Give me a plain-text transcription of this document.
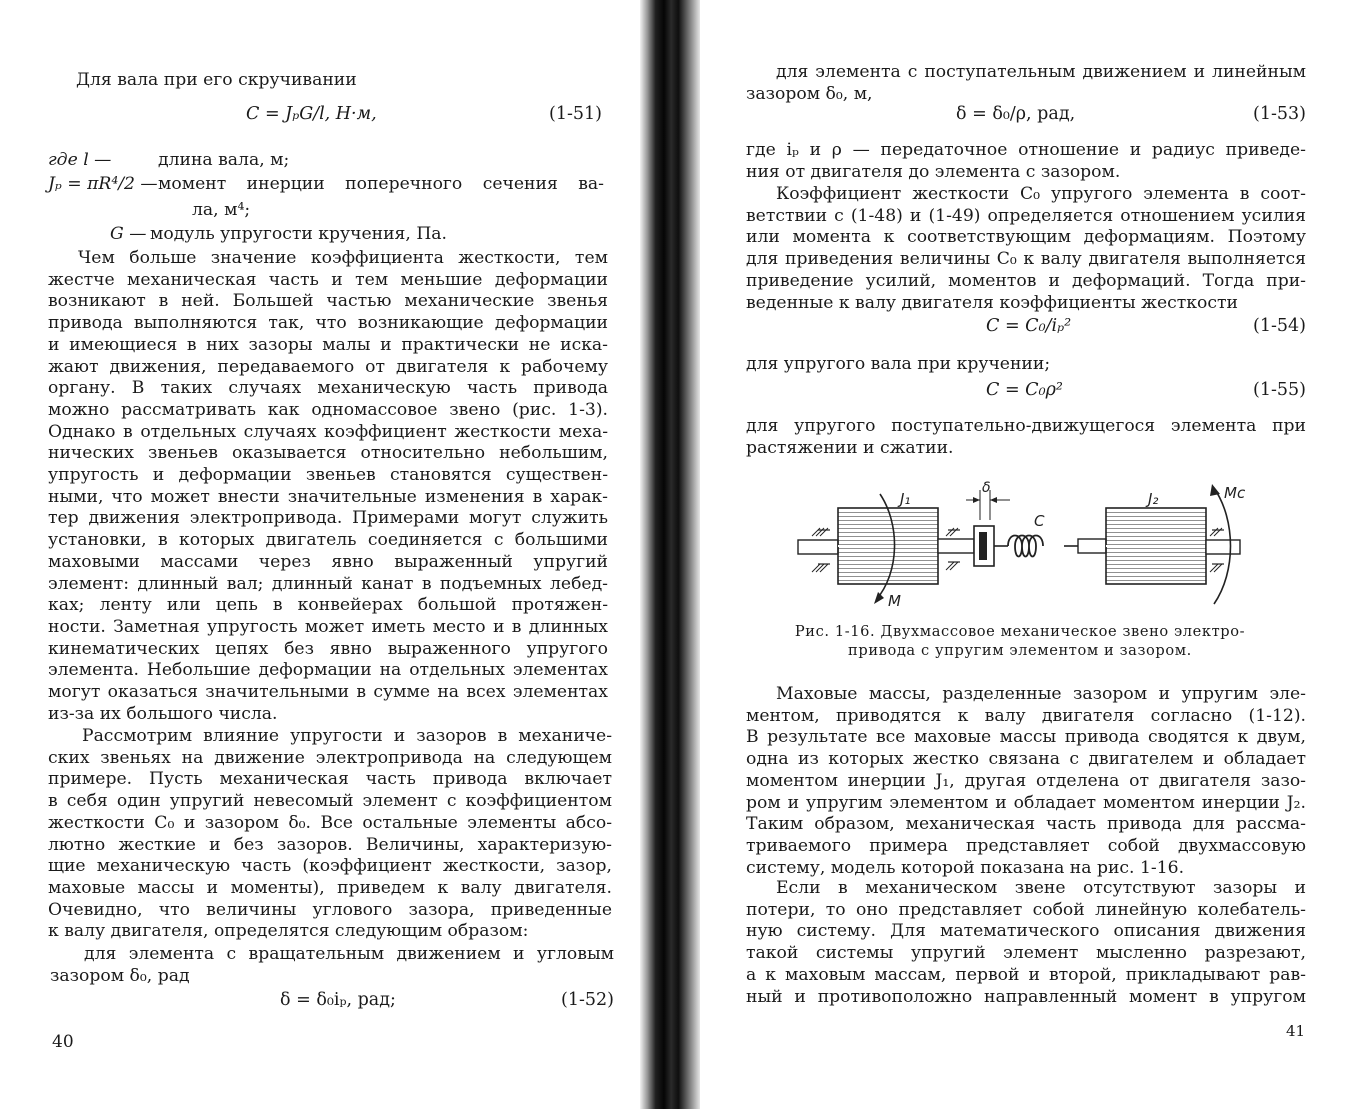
Для вала при его скручивании
C = JₚG/l, Н·м,	(1-51)
где l —	длина вала, м;
Jₚ = πR⁴/2 — момент инерции поперечного сечения ва-
ла, м⁴;
G — модуль упругости кручения, Па.
Чем больше значение коэффициента жесткости, тем
жестче механическая часть и тем меньшие деформации
возникают в ней. Большей частью механические звенья
привода выполняются так, что возникающие деформации
и имеющиеся в них зазоры малы и практически не иска-
жают движения, передаваемого от двигателя к рабочему
органу. В таких случаях механическую часть привода
можно рассматривать как одномассовое звено (рис. 1-3).
Однако в отдельных случаях коэффициент жесткости меха-
нических звеньев оказывается относительно небольшим,
упругость и деформации звеньев становятся существен-
ными, что может внести значительные изменения в харак-
тер движения электропривода. Примерами могут служить
установки, в которых двигатель соединяется с большими
маховыми массами через явно выраженный упругий
элемент: длинный вал; длинный канат в подъемных лебед-
ках; ленту или цепь в конвейерах большой протяжен-
ности. Заметная упругость может иметь место и в длинных
кинематических цепях без явно выраженного упругого
элемента. Небольшие деформации на отдельных элементах
могут оказаться значительными в сумме на всех элементах
из-за их большого числа.
Рассмотрим влияние упругости и зазоров в механиче-
ских звеньях на движение электропривода на следующем
примере. Пусть механическая часть привода включает
в себя один упругий невесомый элемент с коэффициентом
жесткости C₀ и зазором δ₀. Все остальные элементы абсо-
лютно жесткие и без зазоров. Величины, характеризую-
щие механическую часть (коэффициент жесткости, зазор,
маховые массы и моменты), приведем к валу двигателя.
Очевидно, что величины углового зазора, приведенные
к валу двигателя, определятся следующим образом:
для элемента с вращательным движением и угловым
зазором δ₀, рад
δ = δ₀iₚ, рад;	(1-52)
40
для элемента с поступательным движением и линейным
зазором δ₀, м,
δ = δ₀/ρ, рад,	(1-53)
где iₚ и ρ — передаточное отношение и радиус приведе-
ния от двигателя до элемента с зазором.
Коэффициент жесткости C₀ упругого элемента в соот-
ветствии с (1-48) и (1-49) определяется отношением усилия
или момента к соответствующим деформациям. Поэтому
для приведения величины C₀ к валу двигателя выполняется
приведение усилий, моментов и деформаций. Тогда при-
веденные к валу двигателя коэффициенты жесткости
C = C₀/iₚ²	(1-54)
для упругого вала при кручении;
C = C₀ρ²	(1-55)
для упругого поступательно-движущегося элемента при
растяжении и сжатии.
J₁
δ
C
J₂	Mc
M
Рис. 1-16. Двухмассовое механическое звено электро-
привода с упругим элементом и зазором.
Маховые массы, разделенные зазором и упругим эле-
ментом, приводятся к валу двигателя согласно (1-12).
В результате все маховые массы привода сводятся к двум,
одна из которых жестко связана с двигателем и обладает
моментом инерции J₁, другая отделена от двигателя зазо-
ром и упругим элементом и обладает моментом инерции J₂.
Таким образом, механическая часть привода для рассма-
триваемого примера представляет собой двухмассовую
систему, модель которой показана на рис. 1-16.
Если в механическом звене отсутствуют зазоры и
потери, то оно представляет собой линейную колебатель-
ную систему. Для математического описания движения
такой системы упругий элемент мысленно разрезают,
а к маховым массам, первой и второй, прикладывают рав-
ный и противоположно направленный момент в упругом
41
